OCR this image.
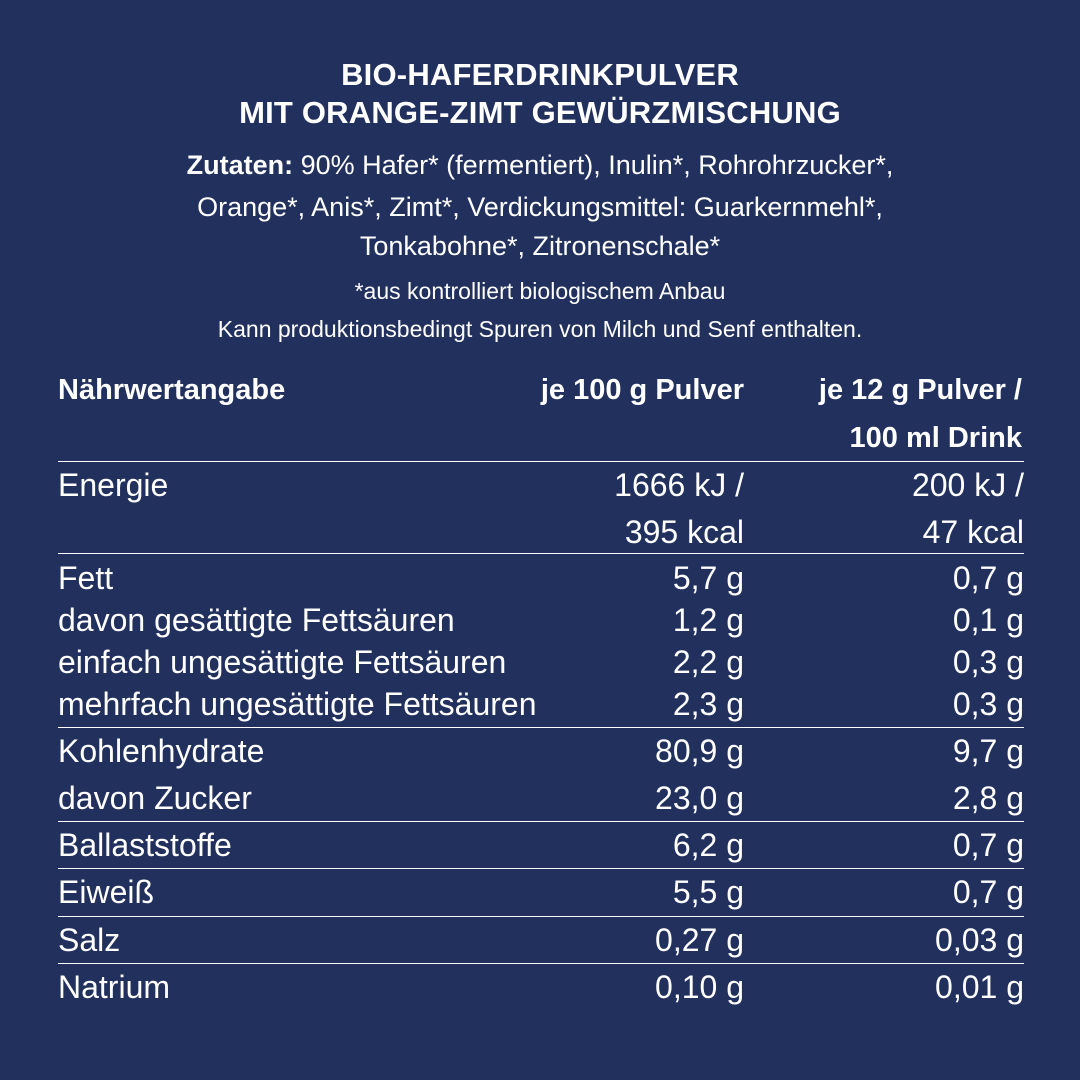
BIO-HAFERDRINKPULVER
MIT ORANGE-ZIMT GEWÜRZMISCHUNG
Zutaten: 90% Hafer* (fermentiert), Inulin*, Rohrohrzucker*,
Orange*, Anis*, Zimt*, Verdickungsmittel: Guarkernmehl*,
Tonkabohne*, Zitronenschale*
*aus kontrolliert biologischem Anbau
Kann produktionsbedingt Spuren von Milch und Senf enthalten.
Nährwertangabe	je 100 g Pulver	je 12 g Pulver /
100 ml Drink
Energie	1666 kJ /	200 kJ /
395 kcal	47 kcal
Fett	5,7 g	0,7 g
davon gesättigte Fettsäuren	1,2 g	0,1 g
einfach ungesättigte Fettsäuren	2,2 g	0,3 g
mehrfach ungesättigte Fettsäuren	2,3 g	0,3 g
Kohlenhydrate	80,9 g	9,7 g
davon Zucker	23,0 g	2,8 g
Ballaststoffe	6,2 g	0,7 g
Eiweiß	5,5 g	0,7 g
Salz	0,27 g	0,03 g
Natrium	0,10 g	0,01 g
